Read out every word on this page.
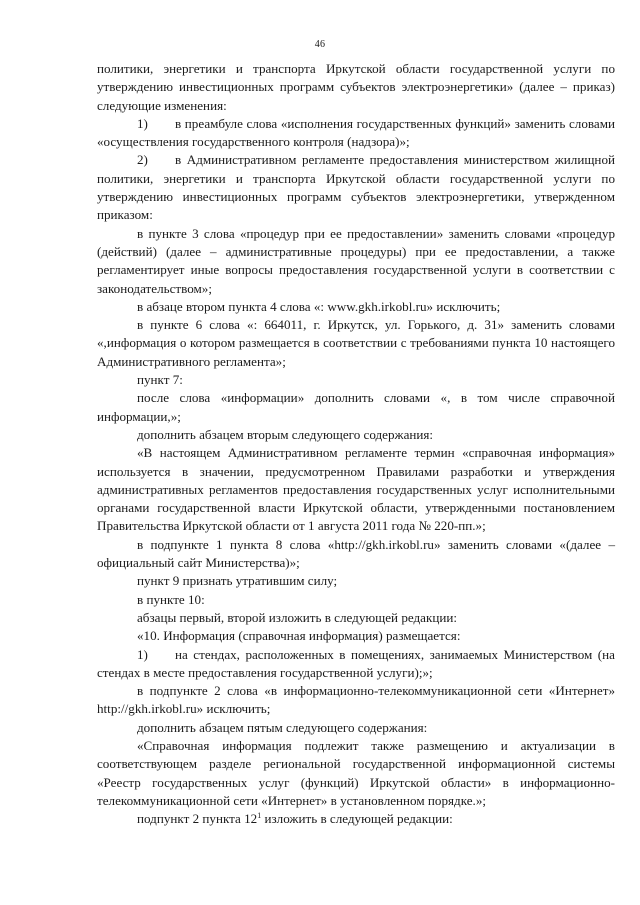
46

политики, энергетики и транспорта Иркутской области государственной услуги по утверждению инвестиционных программ субъектов электроэнергетики» (далее – приказ) следующие изменения:

1) в преамбуле слова «исполнения государственных функций» заменить словами «осуществления государственного контроля (надзора)»;

2) в Административном регламенте предоставления министерством жилищной политики, энергетики и транспорта Иркутской области государственной услуги по утверждению инвестиционных программ субъектов электроэнергетики, утвержденном приказом:

в пункте 3 слова «процедур при ее предоставлении» заменить словами «процедур (действий) (далее – административные процедуры) при ее предоставлении, а также регламентирует иные вопросы предоставления государственной услуги в соответствии с законодательством»;

в абзаце втором пункта 4 слова «: www.gkh.irkobl.ru» исключить;

в пункте 6 слова «: 664011, г. Иркутск, ул. Горького, д. 31» заменить словами «,информация о котором размещается в соответствии с требованиями пункта 10 настоящего Административного регламента»;

пункт 7:

после слова «информации» дополнить словами «, в том числе справочной информации,»;

дополнить абзацем вторым следующего содержания:

«В настоящем Административном регламенте термин «справочная информация» используется в значении, предусмотренном Правилами разработки и утверждения административных регламентов предоставления государственных услуг исполнительными органами государственной власти Иркутской области, утвержденными постановлением Правительства Иркутской области от 1 августа 2011 года № 220-пп.»;

в подпункте 1 пункта 8 слова «http://gkh.irkobl.ru» заменить словами «(далее – официальный сайт Министерства)»;

пункт 9 признать утратившим силу;

в пункте 10:

абзацы первый, второй изложить в следующей редакции:

«10. Информация (справочная информация) размещается:

1) на стендах, расположенных в помещениях, занимаемых Министерством (на стендах в месте предоставления государственной услуги);»;

в подпункте 2 слова «в информационно-телекоммуникационной сети «Интернет» http://gkh.irkobl.ru» исключить;

дополнить абзацем пятым следующего содержания:

«Справочная информация подлежит также размещению и актуализации в соответствующем разделе региональной государственной информационной системы «Реестр государственных услуг (функций) Иркутской области» в информационно-телекоммуникационной сети «Интернет» в установленном порядке.»;

подпункт 2 пункта $12^1$ изложить в следующей редакции:
